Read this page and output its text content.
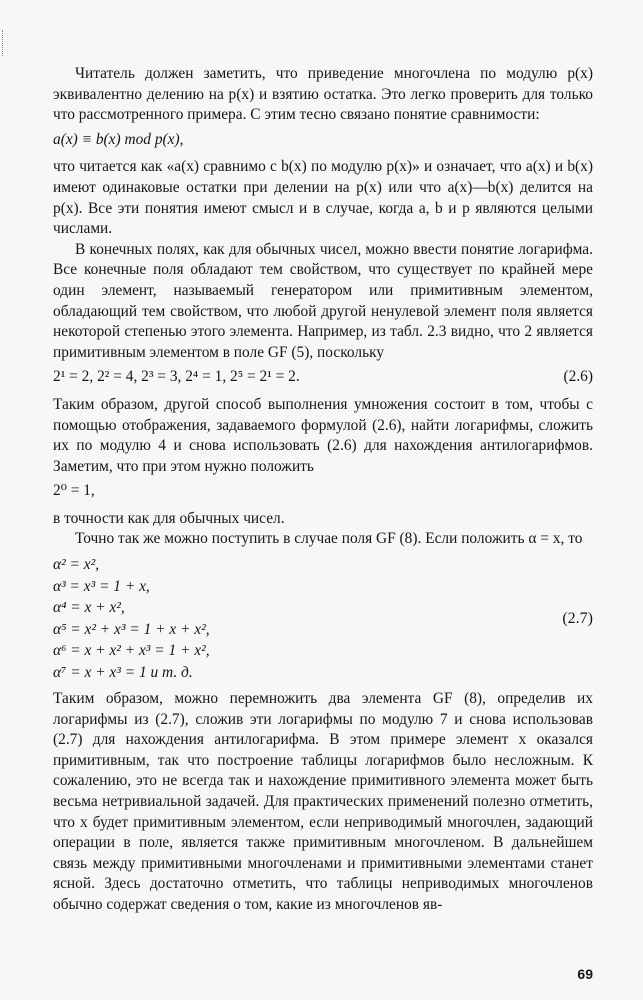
Читатель должен заметить, что приведение многочлена по модулю p(x) эквивалентно делению на p(x) и взятию остатка. Это легко проверить для только что рассмотренного примера. С этим тесно связано понятие сравнимости:

a(x) ≡ b(x) mod p(x),

что читается как «a(x) сравнимо с b(x) по модулю p(x)» и означает, что a(x) и b(x) имеют одинаковые остатки при делении на p(x) или что a(x)—b(x) делится на p(x). Все эти понятия имеют смысл и в случае, когда a, b и p являются целыми числами.

В конечных полях, как для обычных чисел, можно ввести понятие логарифма. Все конечные поля обладают тем свойством, что существует по крайней мере один элемент, называемый генератором или примитивным элементом, обладающий тем свойством, что любой другой ненулевой элемент поля является некоторой степенью этого элемента. Например, из табл. 2.3 видно, что 2 является примитивным элементом в поле GF (5), поскольку

2¹ = 2, 2² = 4, 2³ = 3, 2⁴ = 1, 2⁵ = 2¹ = 2.	(2.6)

Таким образом, другой способ выполнения умножения состоит в том, чтобы с помощью отображения, задаваемого формулой (2.6), найти логарифмы, сложить их по модулю 4 и снова использовать (2.6) для нахождения антилогарифмов. Заметим, что при этом нужно положить

2⁰ = 1,

в точности как для обычных чисел.

Точно так же можно поступить в случае поля GF (8). Если положить α = x, то

α² = x²,
α³ = x³ = 1 + x,
α⁴ = x + x²,
α⁵ = x² + x³ = 1 + x + x²,
α⁶ = x + x² + x³ = 1 + x²,
α⁷ = x + x³ = 1 и т. д.
(2.7)

Таким образом, можно перемножить два элемента GF (8), определив их логарифмы из (2.7), сложив эти логарифмы по модулю 7 и снова использовав (2.7) для нахождения антилогарифма. В этом примере элемент x оказался примитивным, так что построение таблицы логарифмов было несложным. К сожалению, это не всегда так и нахождение примитивного элемента может быть весьма нетривиальной задачей. Для практических применений полезно отметить, что x будет примитивным элементом, если неприводимый многочлен, задающий операции в поле, является также примитивным многочленом. В дальнейшем связь между примитивными многочленами и примитивными элементами станет ясной. Здесь достаточно отметить, что таблицы неприводимых многочленов обычно содержат сведения о том, какие из многочленов яв-

69
